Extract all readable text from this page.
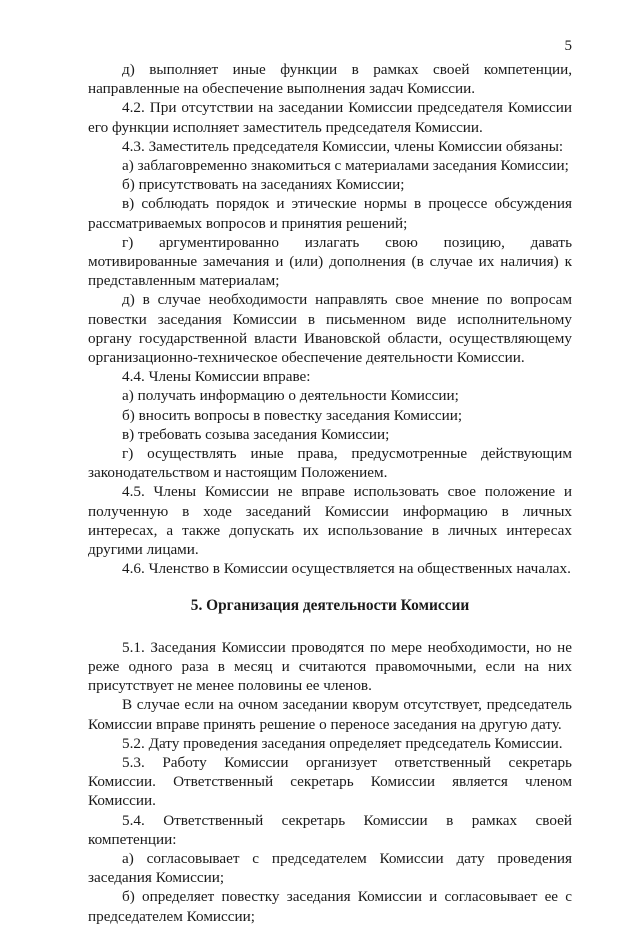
5

д) выполняет иные функции в рамках своей компетенции, направленные на обеспечение выполнения задач Комиссии.

4.2. При отсутствии на заседании Комиссии председателя Комиссии его функции исполняет заместитель председателя Комиссии.

4.3. Заместитель председателя Комиссии, члены Комиссии обязаны:

а) заблаговременно знакомиться с материалами заседания Комиссии;

б) присутствовать на заседаниях Комиссии;

в) соблюдать порядок и этические нормы в процессе обсуждения рассматриваемых вопросов и принятия решений;

г) аргументированно излагать свою позицию, давать мотивированные замечания и (или) дополнения (в случае их наличия) к представленным материалам;

д) в случае необходимости направлять свое мнение по вопросам повестки заседания Комиссии в письменном виде исполнительному органу государственной власти Ивановской области, осуществляющему организационно-техническое обеспечение деятельности Комиссии.

4.4. Члены Комиссии вправе:

а) получать информацию о деятельности Комиссии;

б) вносить вопросы в повестку заседания Комиссии;

в) требовать созыва заседания Комиссии;

г) осуществлять иные права, предусмотренные действующим законодательством и настоящим Положением.

4.5. Члены Комиссии не вправе использовать свое положение и полученную в ходе заседаний Комиссии информацию в личных интересах, а также допускать их использование в личных интересах другими лицами.

4.6. Членство в Комиссии осуществляется на общественных началах.

5. Организация деятельности Комиссии

5.1. Заседания Комиссии проводятся по мере необходимости, но не реже одного раза в месяц и считаются правомочными, если на них присутствует не менее половины ее членов.

В случае если на очном заседании кворум отсутствует, председатель Комиссии вправе принять решение о переносе заседания на другую дату.

5.2. Дату проведения заседания определяет председатель Комиссии.

5.3. Работу Комиссии организует ответственный секретарь Комиссии. Ответственный секретарь Комиссии является членом Комиссии.

5.4. Ответственный секретарь Комиссии в рамках своей компетенции:

а) согласовывает с председателем Комиссии дату проведения заседания Комиссии;

б) определяет повестку заседания Комиссии и согласовывает ее с председателем Комиссии;
